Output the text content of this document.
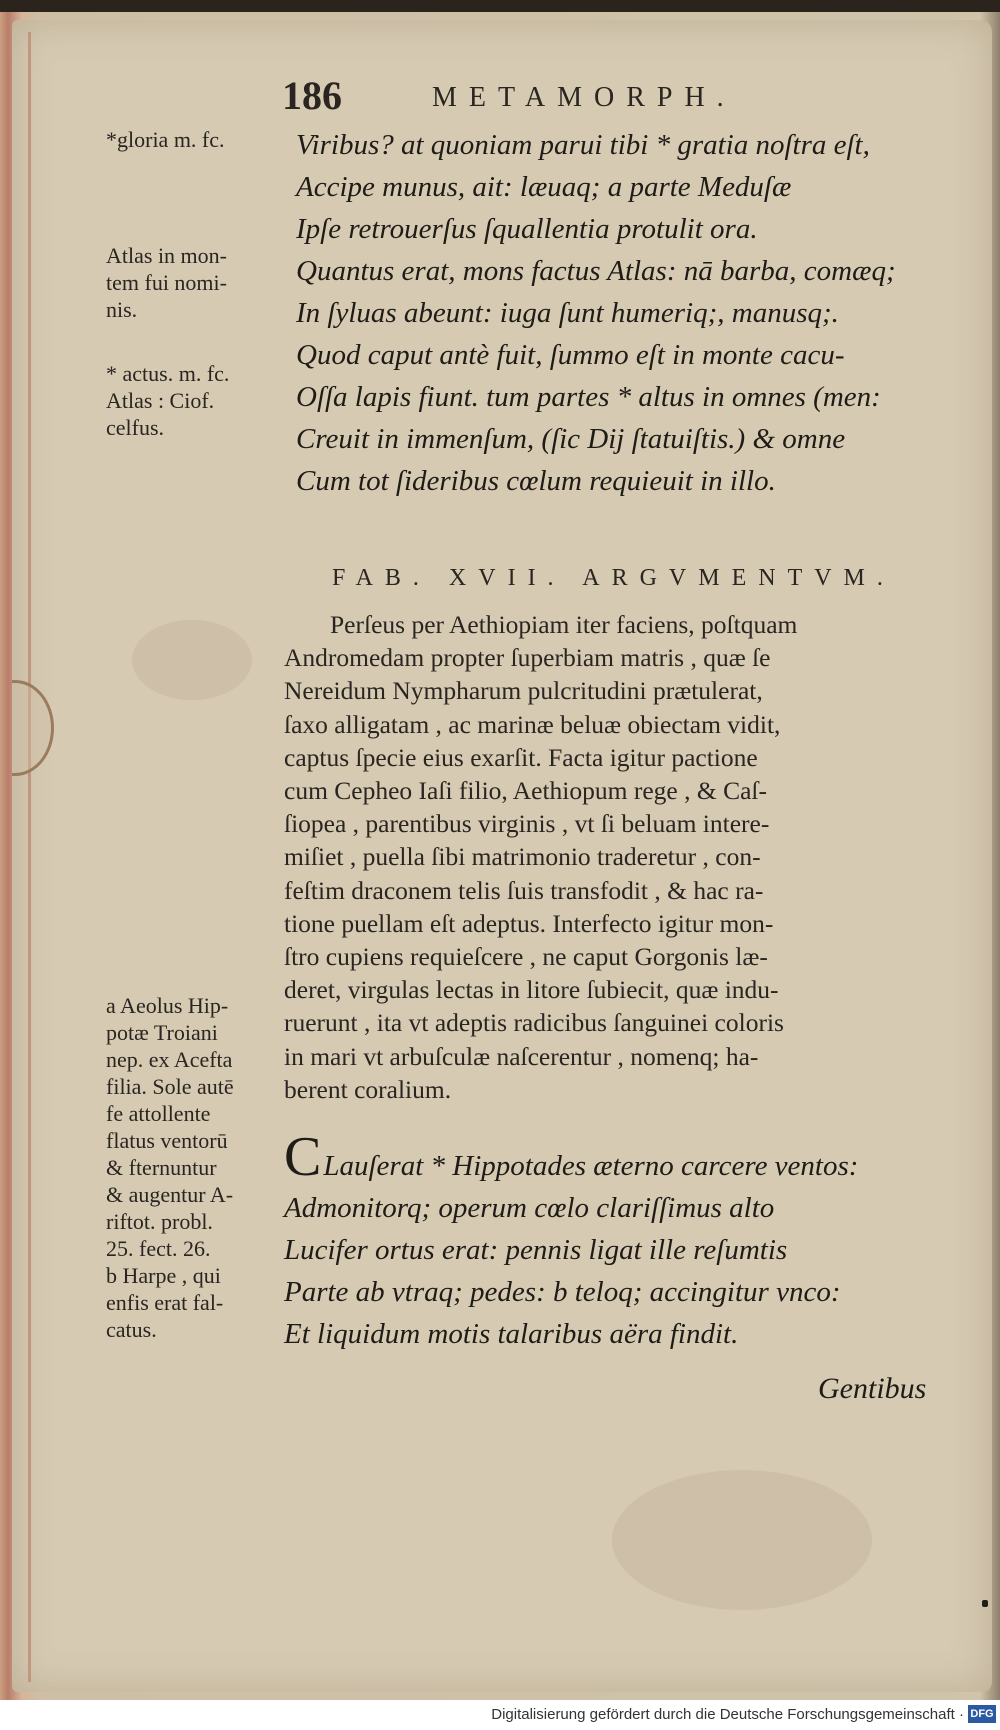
186	METAMORPH.
*gloria m. fc.
Atlas in mon-
tem fui nomi-
nis.
* actus. m. fc.
Atlas : Ciof.
celfus.
a Aeolus Hip-
potæ Troiani
nep. ex Acefta
filia. Sole autē
fe attollente
flatus ventorū
& fternuntur
& augentur A-
riftot. probl.
25. fect. 26.
b Harpe , qui
enfis erat fal-
catus.
Viribus? at quoniam parui tibi * gratia noſtra eſt,
Accipe munus, ait: læuaq; a parte Meduſæ
Ipſe retrouerſus ſquallentia protulit ora.
Quantus erat, mons factus Atlas: nā barba, comæq;
In ſyluas abeunt: iuga ſunt humeriq;, manusq;.
Quod caput antè fuit, ſummo eſt in monte cacu-
Oſſa lapis fiunt. tum partes * altus in omnes (men:
Creuit in immenſum, (ſic Dij ſtatuiſtis.) & omne
Cum tot ſideribus cœlum requieuit in illo.
FAB. XVII. ARGVMENTVM.
Perſeus per Aethiopiam iter faciens, poſtquam
Andromedam propter ſuperbiam matris , quæ ſe
Nereidum Nympharum pulcritudini prætulerat,
ſaxo alligatam , ac marinæ beluæ obiectam vidit,
captus ſpecie eius exarſit. Facta igitur pactione
cum Cepheo Iaſi filio, Aethiopum rege , & Caſ-
ſiopea , parentibus virginis , vt ſi beluam intere-
miſiet , puella ſibi matrimonio traderetur , con-
feſtim draconem telis ſuis transfodit , & hac ra-
tione puellam eſt adeptus. Interfecto igitur mon-
ſtro cupiens requieſcere , ne caput Gorgonis læ-
deret, virgulas lectas in litore ſubiecit, quæ indu-
ruerunt , ita vt adeptis radicibus ſanguinei coloris
in mari vt arbuſculæ naſcerentur , nomenq; ha-
berent coralium.
CLauſerat * Hippotades æterno carcere ventos:
Admonitorq; operum cœlo clariſſimus alto
Lucifer ortus erat: pennis ligat ille reſumtis
Parte ab vtraq; pedes: b teloq; accingitur vnco:
Et liquidum motis talaribus aëra findit.
Gentibus
Digitalisierung gefördert durch die Deutsche Forschungsgemeinschaft · DFG
